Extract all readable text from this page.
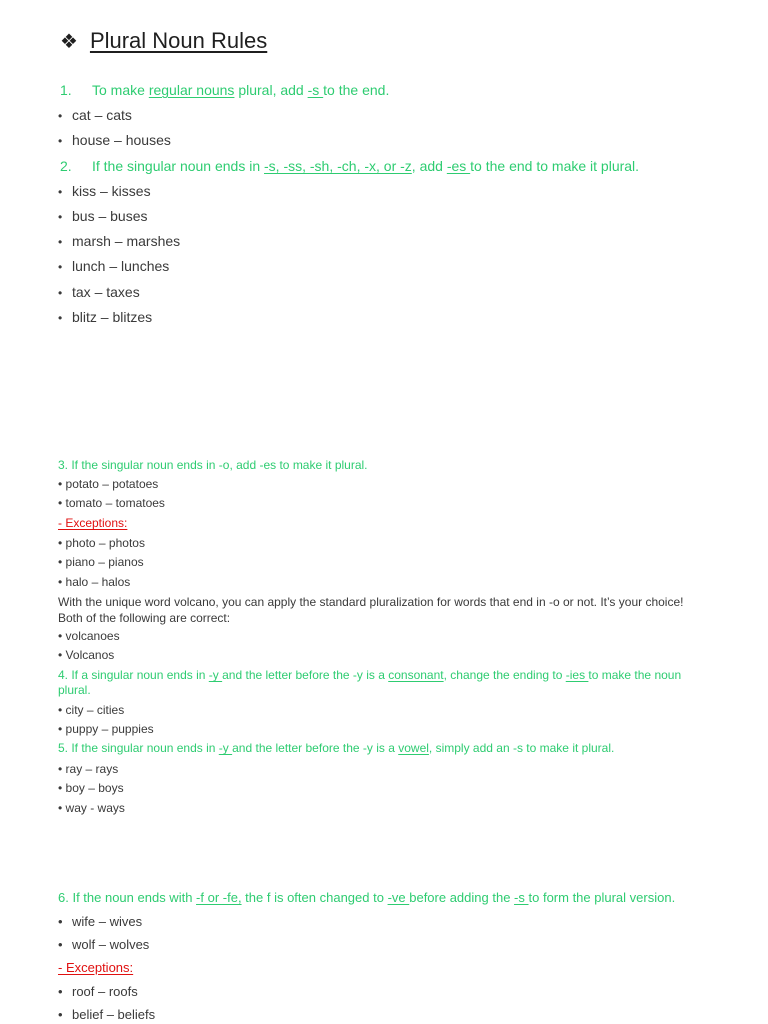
❖ Plural Noun Rules
1. To make regular nouns plural, add -s to the end.
• cat – cats
• house – houses
2. If the singular noun ends in -s, -ss, -sh, -ch, -x, or -z, add -es to the end to make it plural.
• kiss – kisses
• bus – buses
• marsh – marshes
• lunch – lunches
• tax – taxes
• blitz – blitzes
3. If the singular noun ends in -o, add -es to make it plural.
• potato – potatoes
• tomato – tomatoes
- Exceptions:
• photo – photos
• piano – pianos
• halo – halos
With the unique word volcano, you can apply the standard pluralization for words that end in -o or not. It’s your choice! Both of the following are correct:
• volcanoes
• Volcanos
4. If a singular noun ends in -y and the letter before the -y is a consonant, change the ending to -ies to make the noun plural.
• city – cities
• puppy – puppies
5. If the singular noun ends in -y and the letter before the -y is a vowel, simply add an -s to make it plural.
• ray – rays
• boy – boys
• way - ways
6. If the noun ends with -f or -fe, the f is often changed to -ve before adding the -s to form the plural version.
• wife – wives
• wolf – wolves
- Exceptions:
• roof – roofs
• belief – beliefs
